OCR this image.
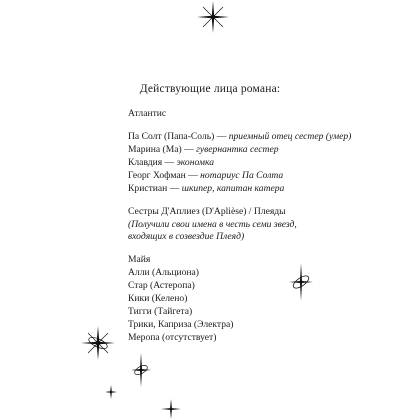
Действующие лица романа:
Атлантис
Па Солт (Папа-Соль) — приемный отец сестер (умер)
Марина (Ма) — гувернантка сестер
Клавдия — экономка
Георг Хофман — нотариус Па Солта
Кристиан — шкипер, капитан катера
Сестры Д'Аплиез (D'Aplièse) / Плеяды
(Получили свои имена в честь семи звезд,
входящих в созвездие Плеяд)
Майя
Алли (Альциона)
Стар (Астеропа)
Кики (Келено)
Тигги (Тайгета)
Трики, Каприза (Электра)
Меропа (отсутствует)
